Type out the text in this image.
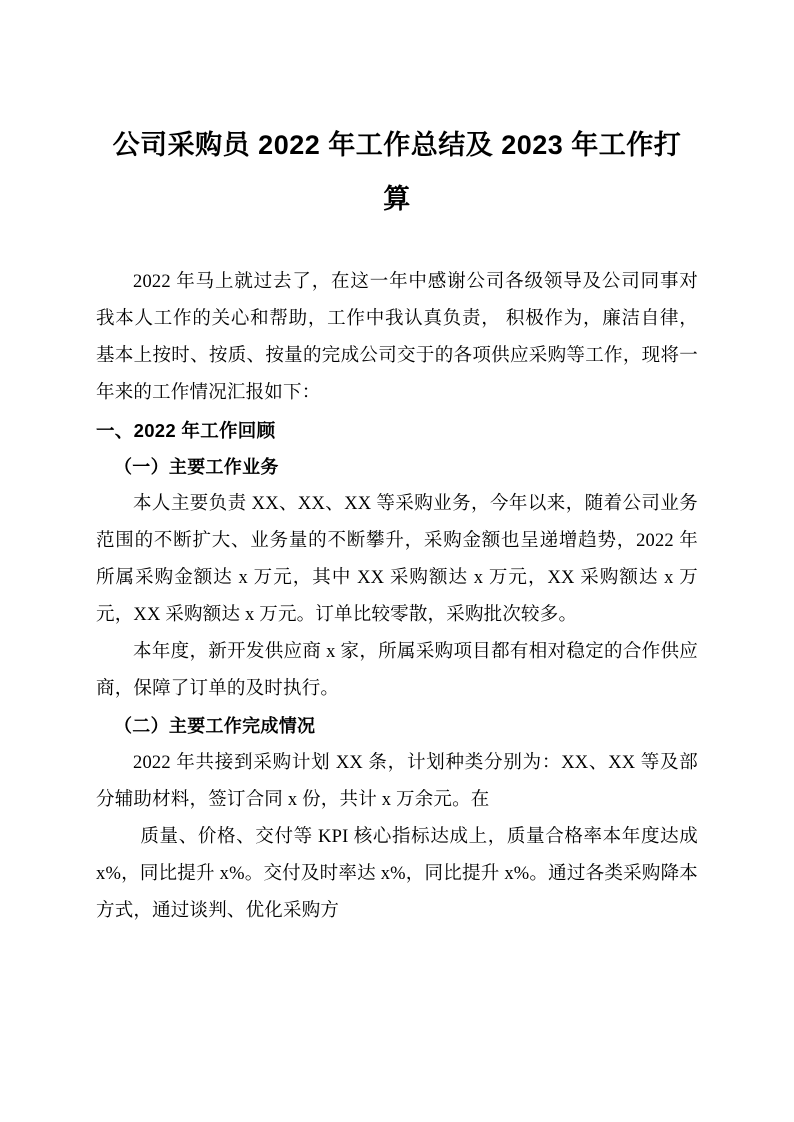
公司采购员 2022 年工作总结及 2023 年工作打算

2022 年马上就过去了，在这一年中感谢公司各级领导及公司同事对我本人工作的关心和帮助，工作中我认真负责， 积极作为，廉洁自律，基本上按时、按质、按量的完成公司交于的各项供应采购等工作，现将一年来的工作情况汇报如下：

一、2022 年工作回顾

（一）主要工作业务

本人主要负责 XX、XX、XX 等采购业务，今年以来，随着公司业务范围的不断扩大、业务量的不断攀升，采购金额也呈递增趋势，2022 年所属采购金额达 x 万元，其中 XX 采购额达 x 万元，XX 采购额达 x 万元，XX 采购额达 x 万元。订单比较零散，采购批次较多。

本年度，新开发供应商 x 家，所属采购项目都有相对稳定的合作供应商，保障了订单的及时执行。

（二）主要工作完成情况

2022 年共接到采购计划 XX 条，计划种类分别为：XX、XX 等及部分辅助材料，签订合同 x 份，共计 x 万余元。在

质量、价格、交付等 KPI 核心指标达成上，质量合格率本年度达成x%，同比提升 x%。交付及时率达 x%，同比提升 x%。通过各类采购降本方式，通过谈判、优化采购方
